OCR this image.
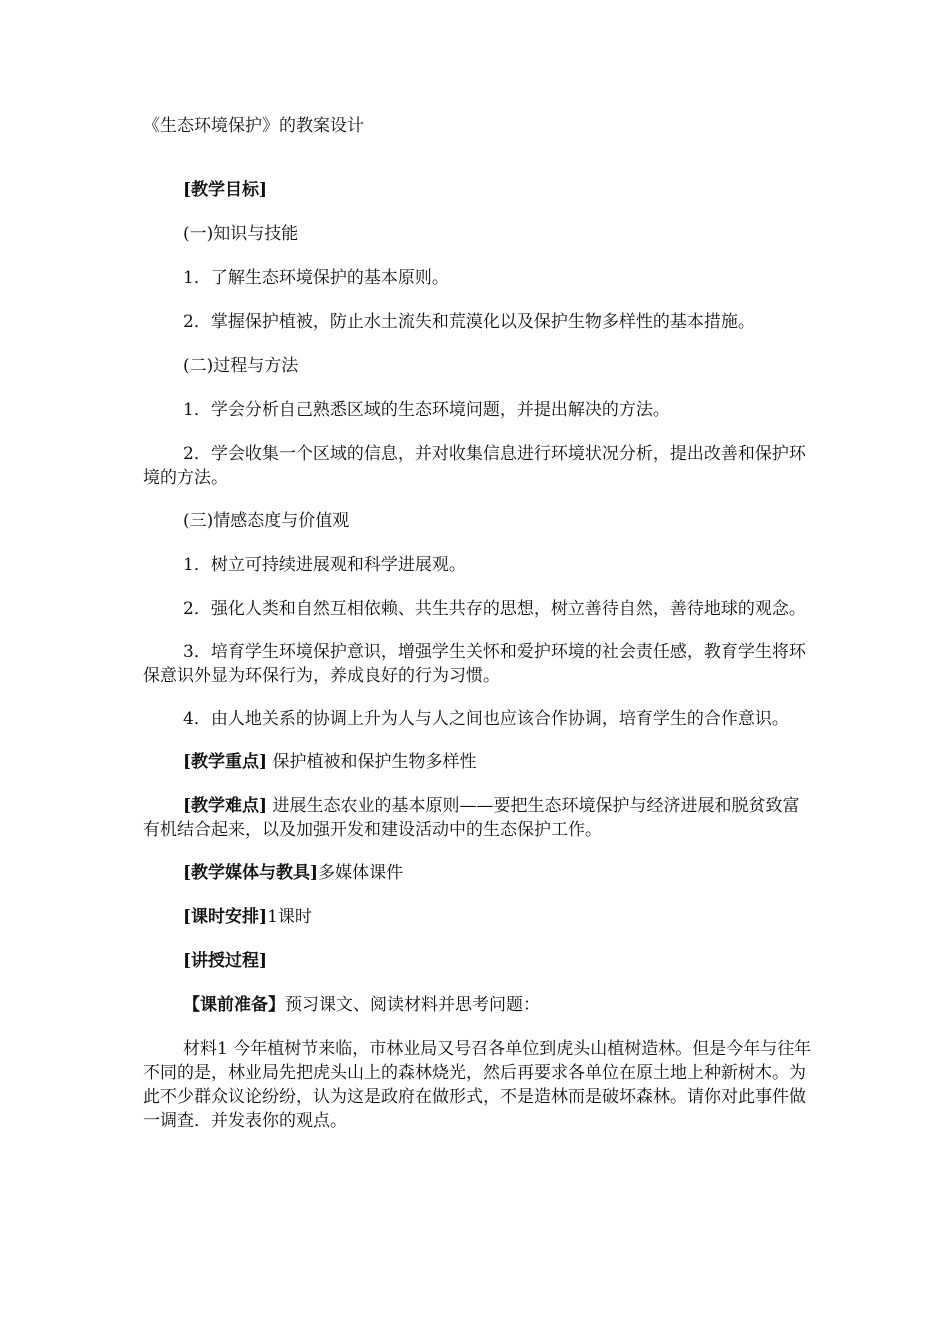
《生态环境保护》的教案设计

[教学目标]

(一)知识与技能

1．了解生态环境保护的基本原则。

2．掌握保护植被，防止水土流失和荒漠化以及保护生物多样性的基本措施。

(二)过程与方法

1．学会分析自己熟悉区域的生态环境问题，并提出解决的方法。

2．学会收集一个区域的信息，并对收集信息进行环境状况分析，提出改善和保护环境的方法。

(三)情感态度与价值观

1．树立可持续进展观和科学进展观。

2．强化人类和自然互相依赖、共生共存的思想，树立善待自然，善待地球的观念。

3．培育学生环境保护意识，增强学生关怀和爱护环境的社会责任感，教育学生将环保意识外显为环保行为，养成良好的行为习惯。

4．由人地关系的协调上升为人与人之间也应该合作协调，培育学生的合作意识。

[教学重点] 保护植被和保护生物多样性

[教学难点] 进展生态农业的基本原则——要把生态环境保护与经济进展和脱贫致富有机结合起来，以及加强开发和建设活动中的生态保护工作。

[教学媒体与教具]多媒体课件

[课时安排]1课时

[讲授过程]

【课前准备】预习课文、阅读材料并思考问题：

材料1 今年植树节来临，市林业局又号召各单位到虎头山植树造林。但是今年与往年不同的是，林业局先把虎头山上的森林烧光，然后再要求各单位在原土地上种新树木。为此不少群众议论纷纷，认为这是政府在做形式，不是造林而是破坏森林。请你对此事件做一调查．并发表你的观点。
